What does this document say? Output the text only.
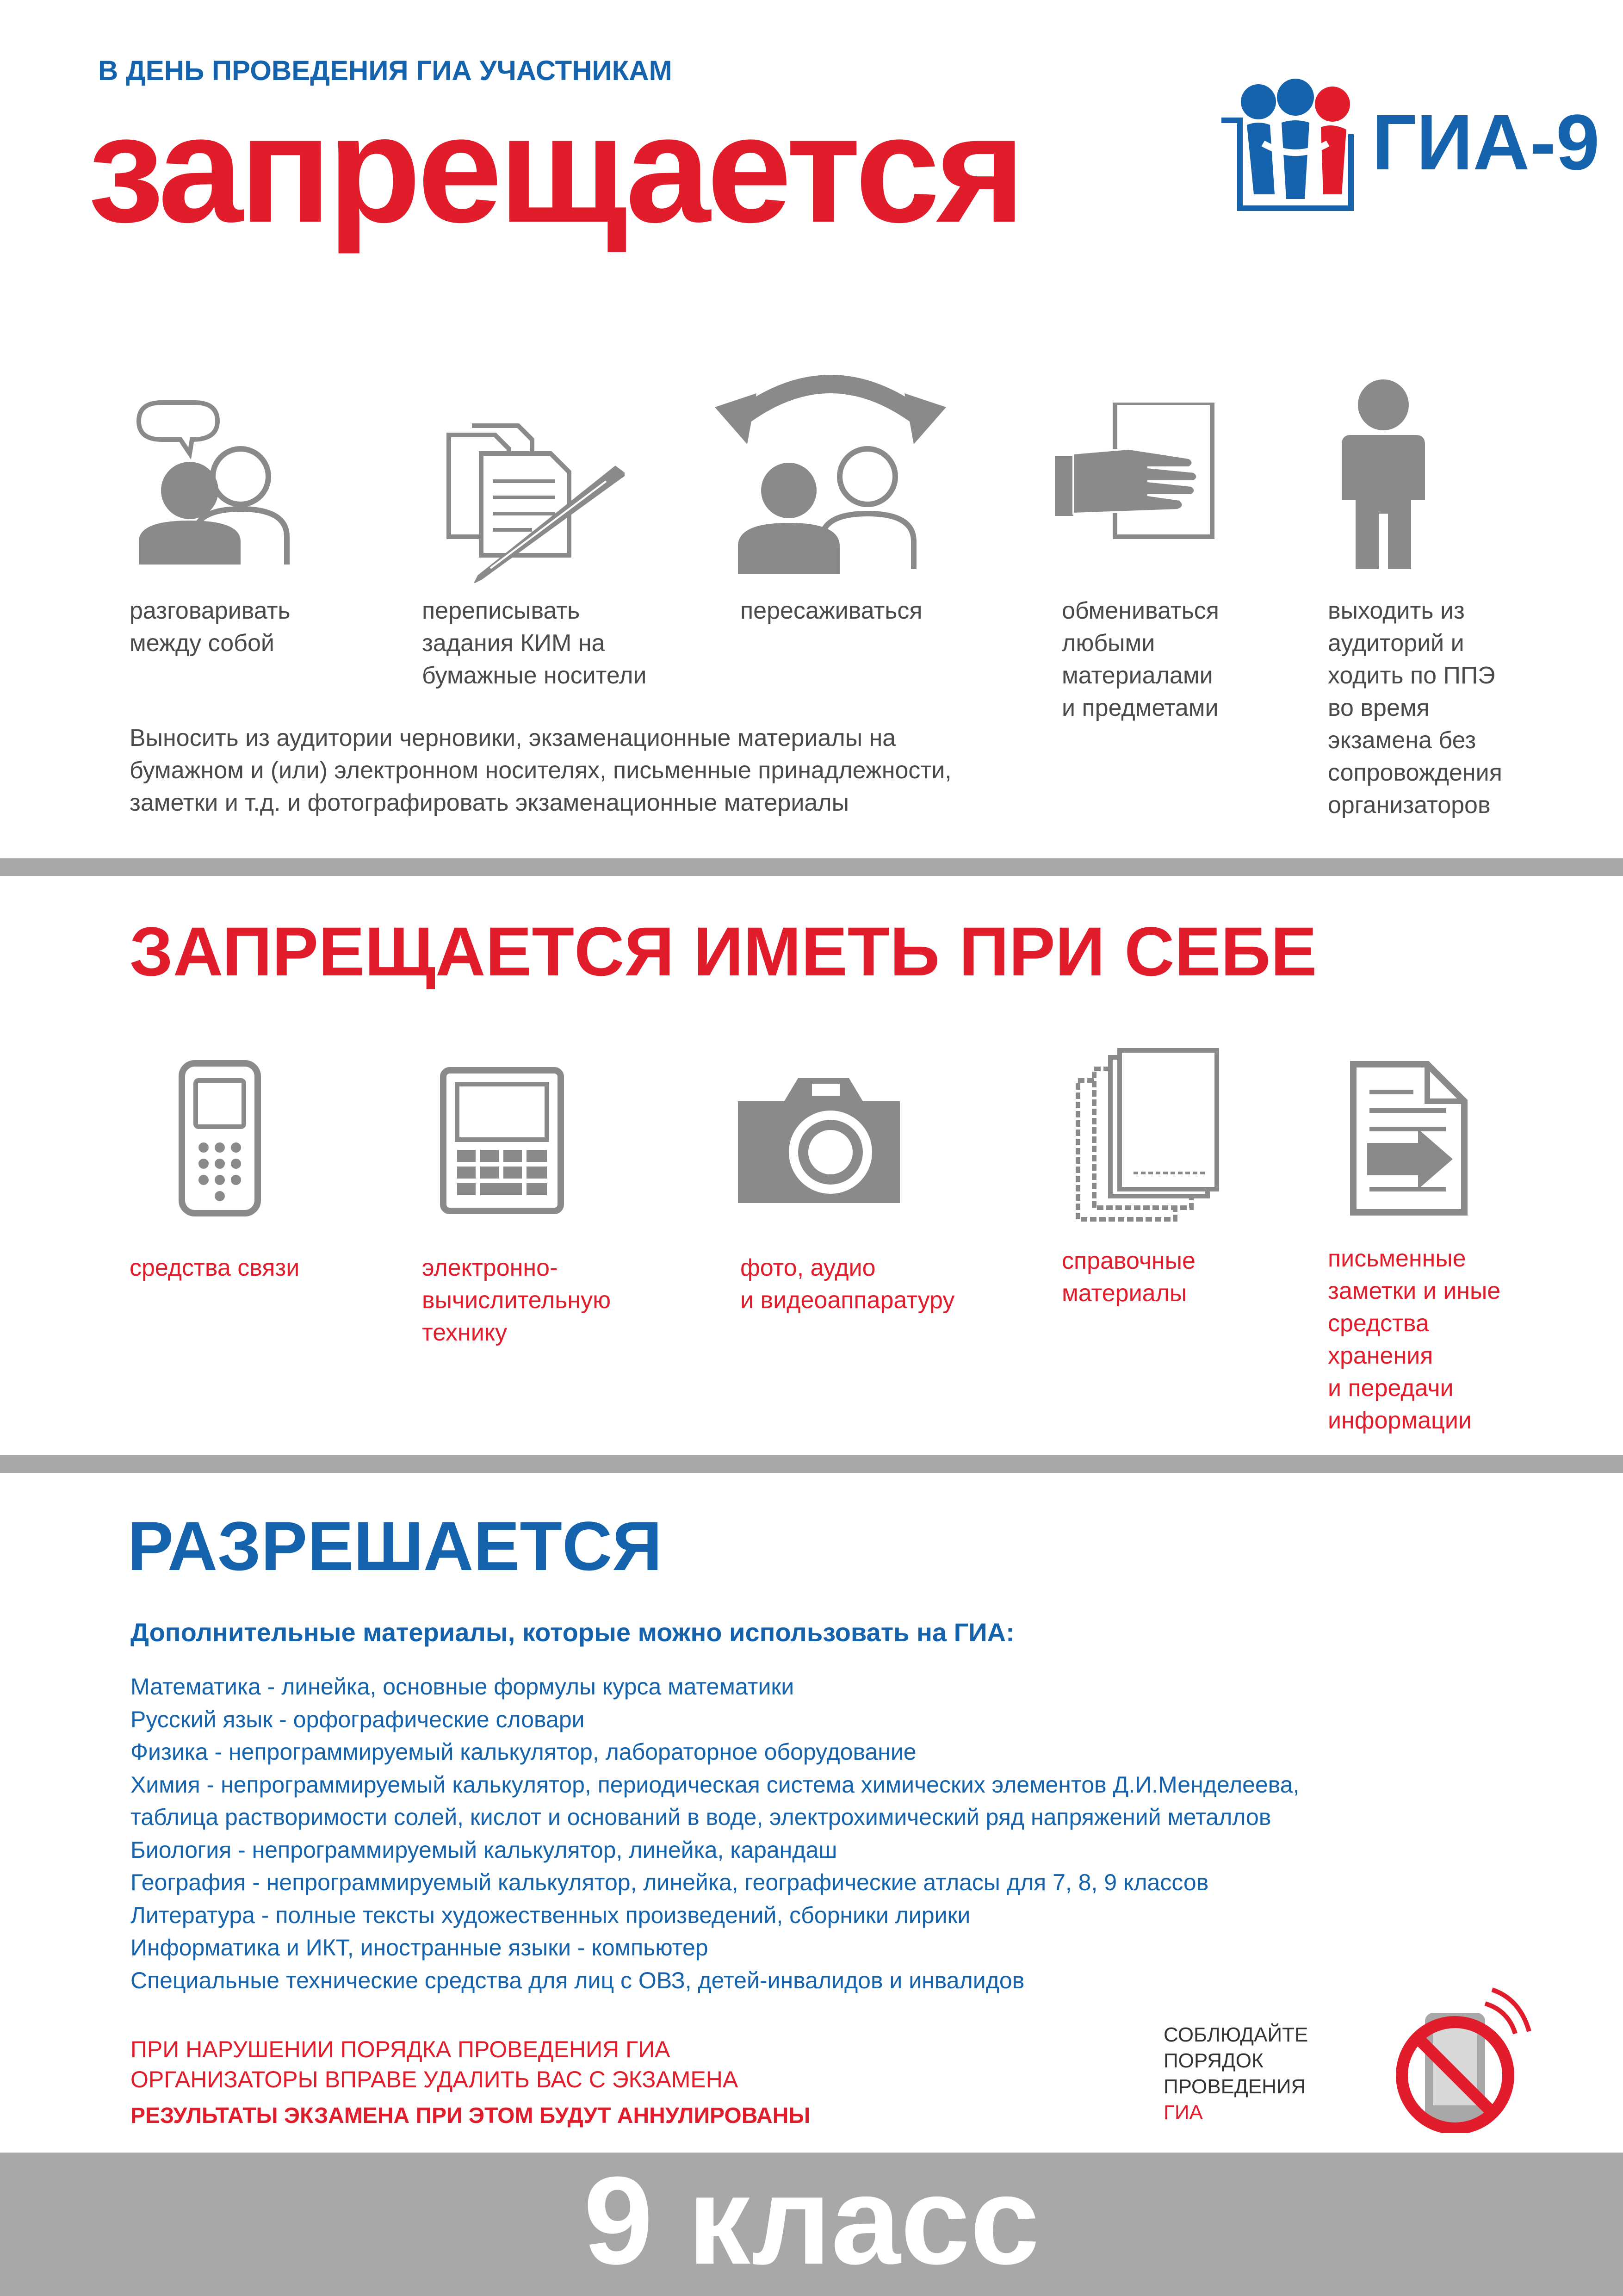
В ДЕНЬ ПРОВЕДЕНИЯ ГИА УЧАСТНИКАМ
запрещается	ГИА-9

разговаривать
между собой

переписывать
задания КИМ на
бумажные носители

пересаживаться	обмениваться
любыми
материалами
и предметами

выходить из
аудиторий и
ходить по ППЭ
во время
экзамена без
сопровождения
организаторов

Выносить из аудитории черновики, экзаменационные материалы на
бумажном и (или) электронном носителях, письменные принадлежности,
заметки и т.д. и фотографировать экзаменационные материалы

ЗАПРЕЩАЕТСЯ ИМЕТЬ ПРИ СЕБЕ

средства связи	электронно-
вычислительную
технику

фото, аудио
и видеоаппаратуру

справочные
материалы

письменные
заметки и иные
средства
хранения
и передачи
информации

РАЗРЕШАЕТСЯ
Дополнительные материалы, которые можно использовать на ГИА:
Математика - линейка, основные формулы курса математики
Русский язык - орфографические словари
Физика - непрограммируемый калькулятор, лабораторное оборудование
Химия - непрограммируемый калькулятор, периодическая система химических элементов Д.И.Менделеева,
таблица растворимости солей, кислот и оснований в воде, электрохимический ряд напряжений металлов
Биология - непрограммируемый калькулятор, линейка, карандаш
География - непрограммируемый калькулятор, линейка, географические атласы для 7, 8, 9 классов
Литература - полные тексты художественных произведений, сборники лирики
Информатика и ИКТ, иностранные языки - компьютер
Специальные технические средства для лиц с ОВЗ, детей-инвалидов и инвалидов
ПРИ НАРУШЕНИИ ПОРЯДКА ПРОВЕДЕНИЯ ГИА
ОРГАНИЗАТОРЫ ВПРАВЕ УДАЛИТЬ ВАС С ЭКЗАМЕНА
РЕЗУЛЬТАТЫ ЭКЗАМЕНА ПРИ ЭТОМ БУДУТ АННУЛИРОВАНЫ
СОБЛЮДАЙТЕ
ПОРЯДОК
ПРОВЕДЕНИЯ
ГИА
9 класс
